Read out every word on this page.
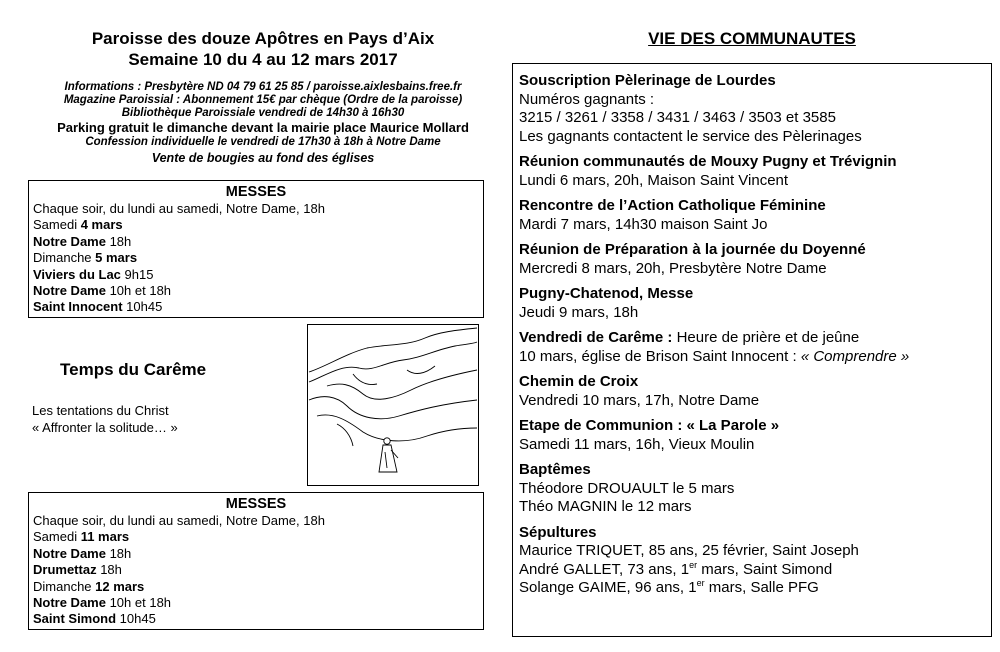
Paroisse des douze Apôtres en Pays d’Aix
Semaine 10 du 4 au 12 mars 2017
Informations : Presbytère ND 04 79 61 25 85 / paroisse.aixlesbains.free.fr
Magazine Paroissial : Abonnement 15€ par chèque (Ordre de la paroisse)
Bibliothèque Paroissiale vendredi de 14h30 à 16h30
Parking gratuit le dimanche devant la mairie place Maurice Mollard
Confession individuelle le vendredi de 17h30 à 18h à Notre Dame
Vente de bougies au fond des églises
MESSES
Chaque soir, du lundi au samedi, Notre Dame, 18h
Samedi 4 mars
Notre Dame 18h
Dimanche 5 mars
Viviers du Lac 9h15
Notre Dame 10h et 18h
Saint Innocent 10h45
Temps du Carême
Les tentations du Christ
« Affronter la solitude… »
MESSES
Chaque soir, du lundi au samedi, Notre Dame, 18h
Samedi 11 mars
Notre Dame 18h
Drumettaz 18h
Dimanche 12 mars
Notre Dame 10h et 18h
Saint Simond 10h45
VIE DES COMMUNAUTES
Souscription Pèlerinage de Lourdes
Numéros gagnants :
3215 / 3261 / 3358 / 3431 / 3463 / 3503 et 3585
Les gagnants contactent le service des Pèlerinages
Réunion communautés de Mouxy Pugny et Trévignin
Lundi 6 mars, 20h, Maison Saint Vincent
Rencontre de l’Action Catholique Féminine
Mardi 7 mars, 14h30 maison Saint Jo
Réunion de Préparation à la journée du Doyenné
Mercredi 8 mars, 20h, Presbytère Notre Dame
Pugny-Chatenod, Messe
Jeudi 9 mars, 18h
Vendredi de Carême : Heure de prière et de jeûne
10 mars, église de Brison Saint Innocent : « Comprendre »
Chemin de Croix
Vendredi 10 mars, 17h, Notre Dame
Etape de Communion : « La Parole »
Samedi 11 mars, 16h, Vieux Moulin
Baptêmes
Théodore DROUAULT le 5 mars
Théo MAGNIN le 12 mars
Sépultures
Maurice TRIQUET, 85 ans, 25 février, Saint Joseph
André GALLET, 73 ans, 1er mars, Saint Simond
Solange GAIME, 96 ans, 1er mars, Salle PFG
